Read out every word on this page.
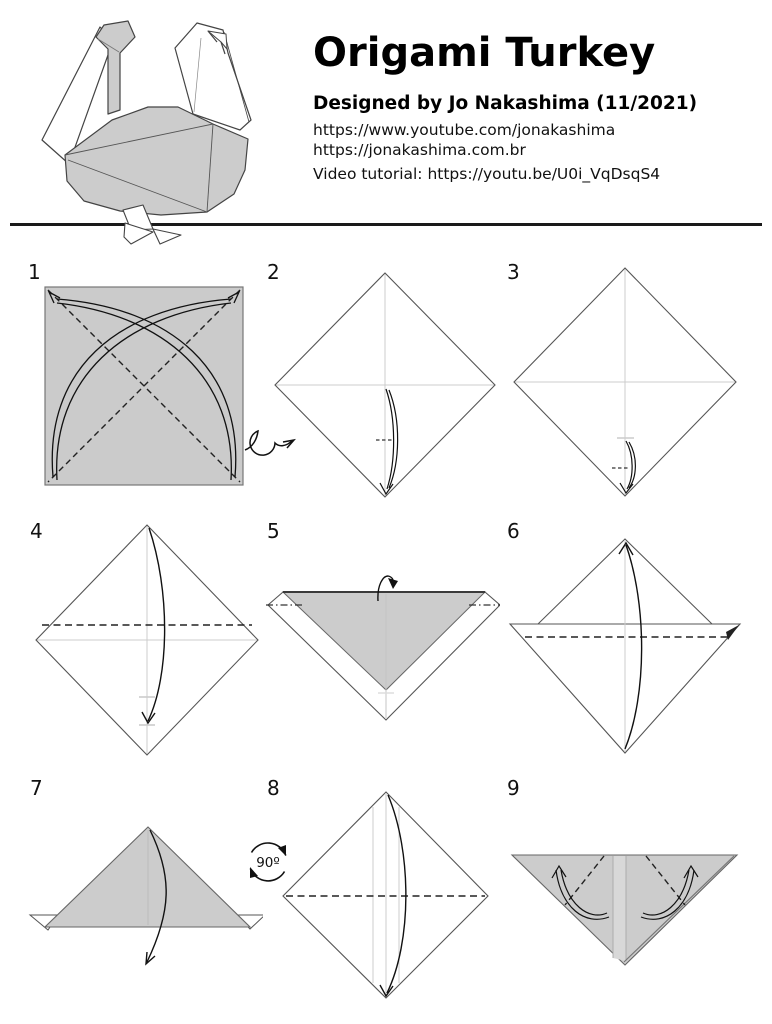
Origami Turkey
Designed by Jo Nakashima (11/2021)
https://www.youtube.com/jonakashima
https://jonakashima.com.br
Video tutorial: https://youtu.be/U0i_VqDsqS4
1	2	3
4	5	6
7
90º
8	9
